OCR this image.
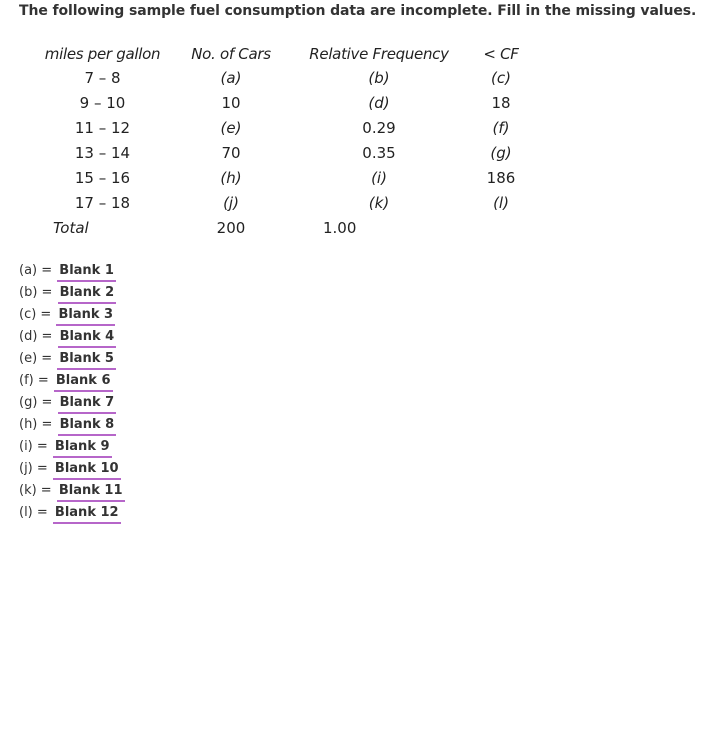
The following sample fuel consumption data are incomplete. Fill in the missing values.
miles per gallon	No. of Cars	Relative Frequency	< CF
7 – 8	(a)	(b)	(c)
9 – 10	10	(d)	18
11 – 12	(e)	0.29	(f)
13 – 14	70	0.35	(g)
15 – 16	(h)	(i)	186
17 – 18	(j)	(k)	(l)
Total	200	1.00	
(a) = Blank 1
(b) = Blank 2
(c) = Blank 3
(d) = Blank 4
(e) = Blank 5
(f) = Blank 6
(g) = Blank 7
(h) = Blank 8
(i) = Blank 9
(j) = Blank 10
(k) = Blank 11
(l) = Blank 12
